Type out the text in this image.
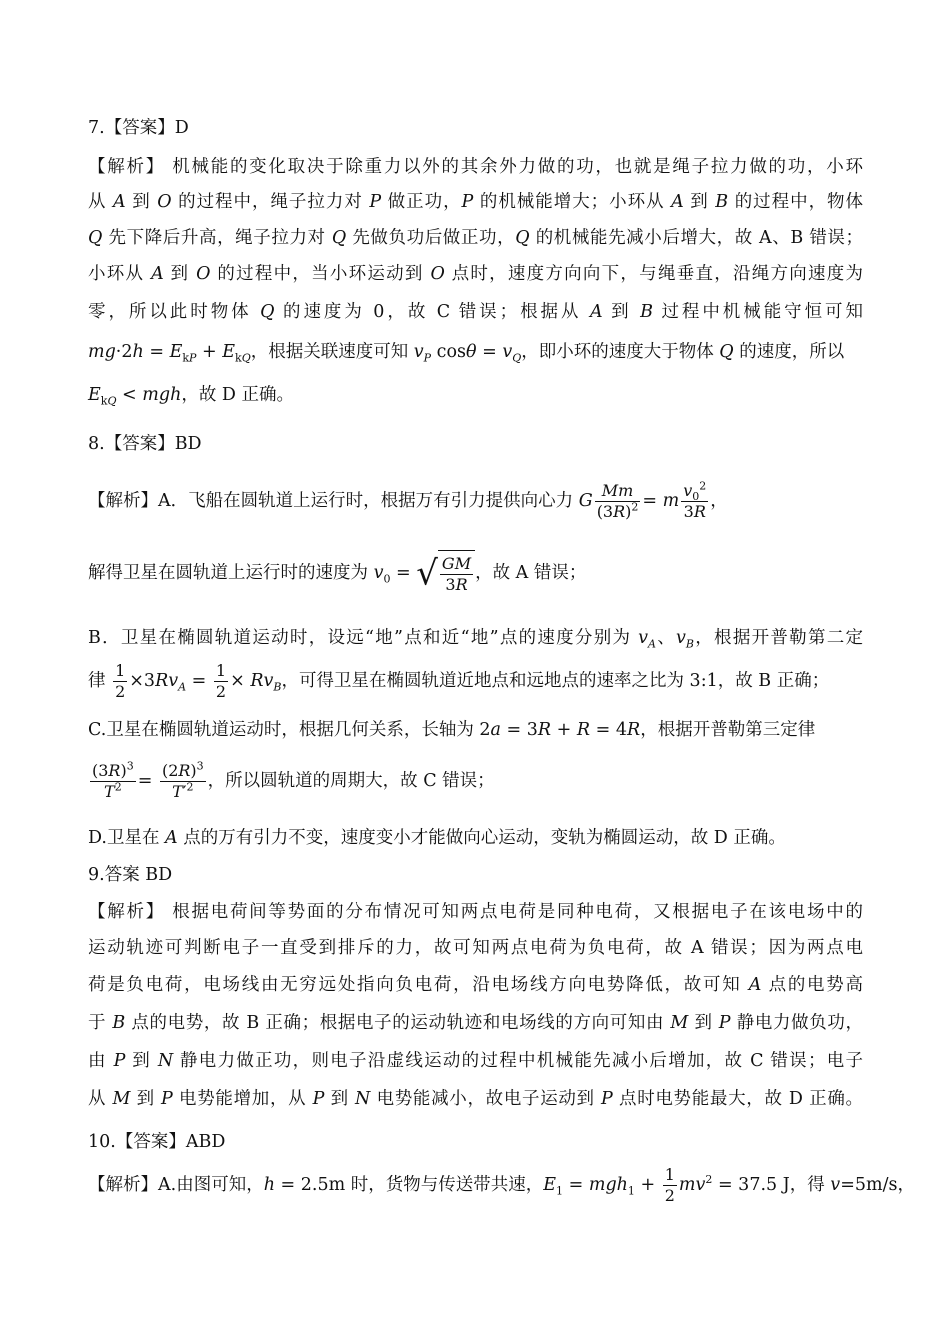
7.【答案】D
【解析】 机械能的变化取决于除重力以外的其余外力做的功，也就是绳子拉力做的功，小环
从 A 到 O 的过程中，绳子拉力对 P 做正功，P 的机械能增大；小环从 A 到 B 的过程中，物体
Q 先下降后升高，绳子拉力对 Q 先做负功后做正功，Q 的机械能先减小后增大，故 A、B 错误；
小环从 A 到 O 的过程中，当小环运动到 O 点时，速度方向向下，与绳垂直，沿绳方向速度为
零，所以此时物体 Q 的速度为 0，故 C 错误；根据从 A 到 B 过程中机械能守恒可知
$mg\cdot 2h = E_{kP} + E_{kQ}$，根据关联速度可知 $v_P$ $\cos\theta = v_Q$，即小环的速度大于物体 Q 的速度，所以
$E_{kQ}$ < mgh，故 D 正确。
8.【答案】BD
【解析】A．飞船在圆轨道上运行时，根据万有引力提供向心力 G $\frac{Mm}{(3R)^2} = m \frac{v_0^2}{3R}$ ，
解得卫星在圆轨道上运行时的速度为 $v_0$ = √ $\frac{GM}{3R}$ ，故 A 错误；
B．卫星在椭圆轨道运动时，设远“地”点和近“地”点的速度分别为 $v_A$、$v_B$，根据开普勒第二定
律 $\frac{1}{2} \times 3Rv_A = \frac{1}{2} \times Rv_B$，可得卫星在椭圆轨道近地点和远地点的速率之比为 3:1，故 B 正确；
C.卫星在椭圆轨道运动时，根据几何关系，长轴为 2a = 3R + R = 4R，根据开普勒第三定律
$\frac{(3R)^3}{T^2} = \frac{(2R)^3}{T'^2}$ ，所以圆轨道的周期大，故 C 错误；
D.卫星在 A 点的万有引力不变，速度变小才能做向心运动，变轨为椭圆运动，故 D 正确。
9.答案 BD
【解析】 根据电荷间等势面的分布情况可知两点电荷是同种电荷，又根据电子在该电场中的
运动轨迹可判断电子一直受到排斥的力，故可知两点电荷为负电荷，故 A 错误；因为两点电
荷是负电荷，电场线由无穷远处指向负电荷，沿电场线方向电势降低，故可知 A 点的电势高
于 B 点的电势，故 B 正确；根据电子的运动轨迹和电场线的方向可知由 M 到 P 静电力做负功，
由 P 到 N 静电力做正功，则电子沿虚线运动的过程中机械能先减小后增加，故 C 错误；电子
从 M 到 P 电势能增加，从 P 到 N 电势能减小，故电子运动到 P 点时电势能最大，故 D 正确。
10.【答案】ABD
【解析】A.由图可知，h = 2.5m 时，货物与传送带共速，$E_1 = mgh_1 + \frac{1}{2} mv^2 = 37.5$ J，得 v=5m/s，
